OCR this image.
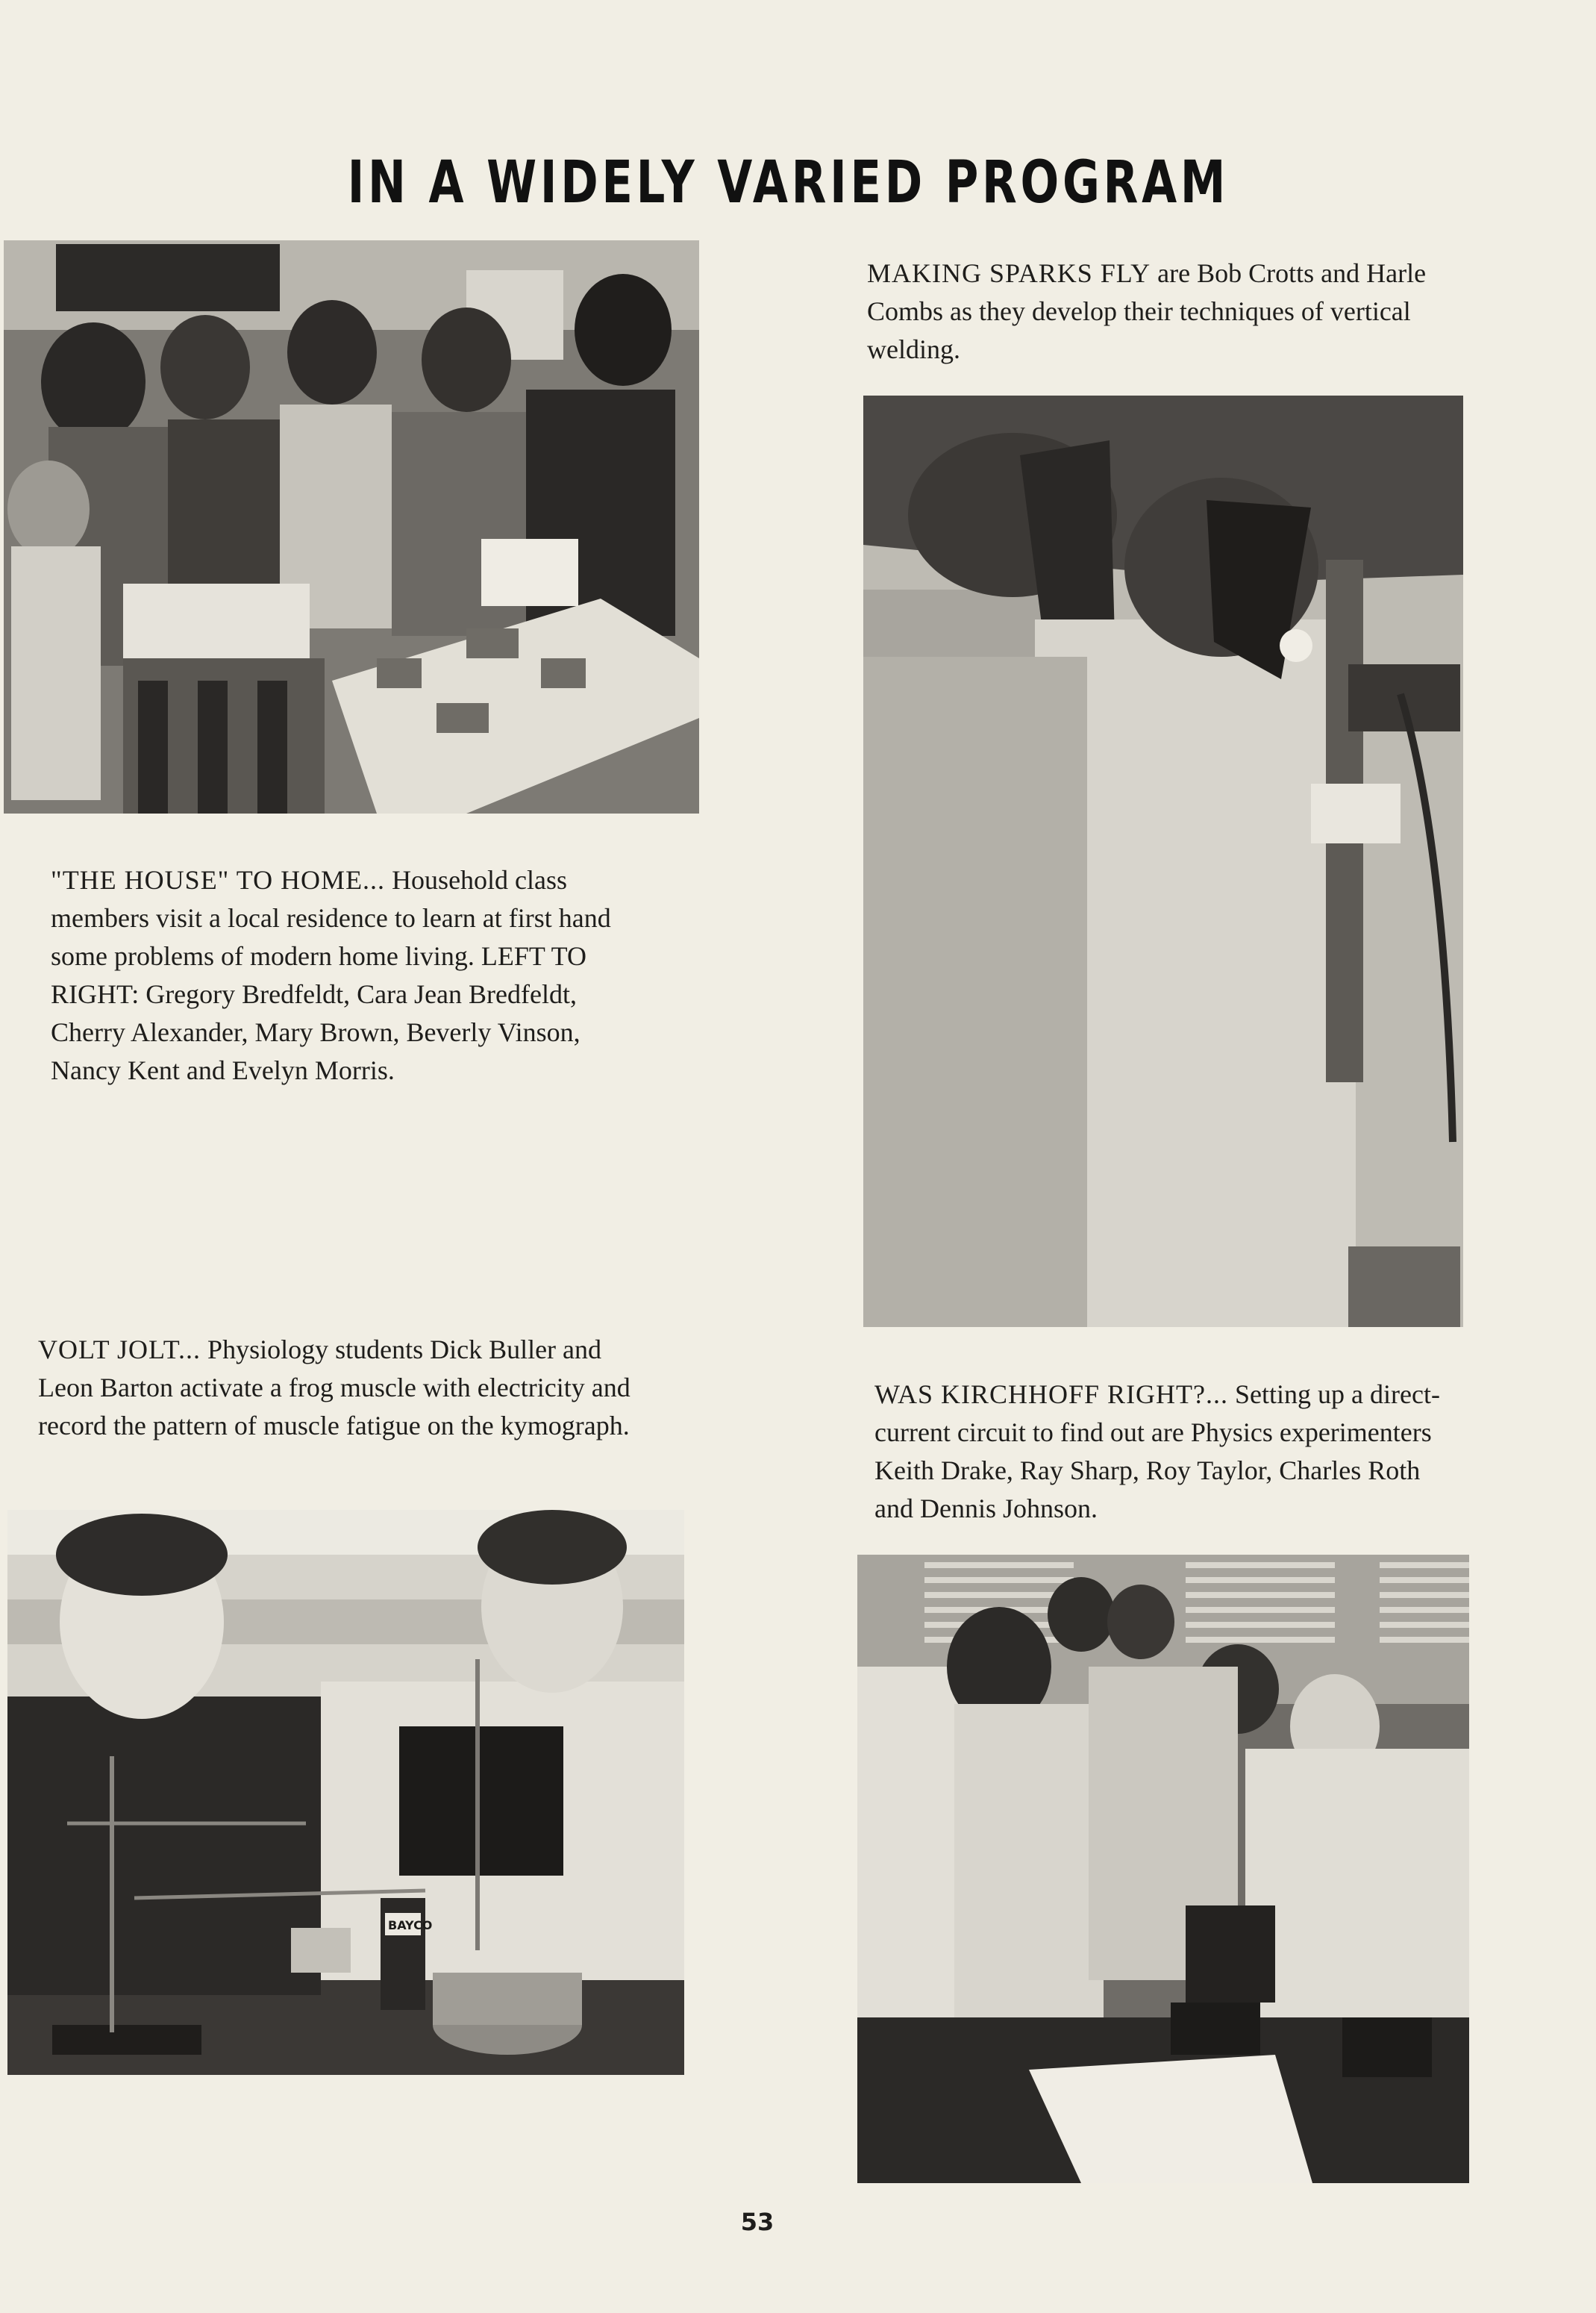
IN A WIDELY VARIED PROGRAM

"THE HOUSE" TO HOME... Household class members visit a local residence to learn at first hand some problems of modern home living. LEFT TO RIGHT: Gregory Bredfeldt, Cara Jean Bredfeldt, Cherry Alexander, Mary Brown, Beverly Vinson, Nancy Kent and Evelyn Morris.

MAKING SPARKS FLY are Bob Crotts and Harle Combs as they develop their techniques of vertical welding.

VOLT JOLT... Physiology students Dick Buller and Leon Barton activate a frog muscle with electricity and record the pattern of muscle fatigue on the kymograph.

WAS KIRCHHOFF RIGHT?... Setting up a direct-current circuit to find out are Physics experimenters Keith Drake, Ray Sharp, Roy Taylor, Charles Roth and Dennis Johnson.

BAYCO
53
